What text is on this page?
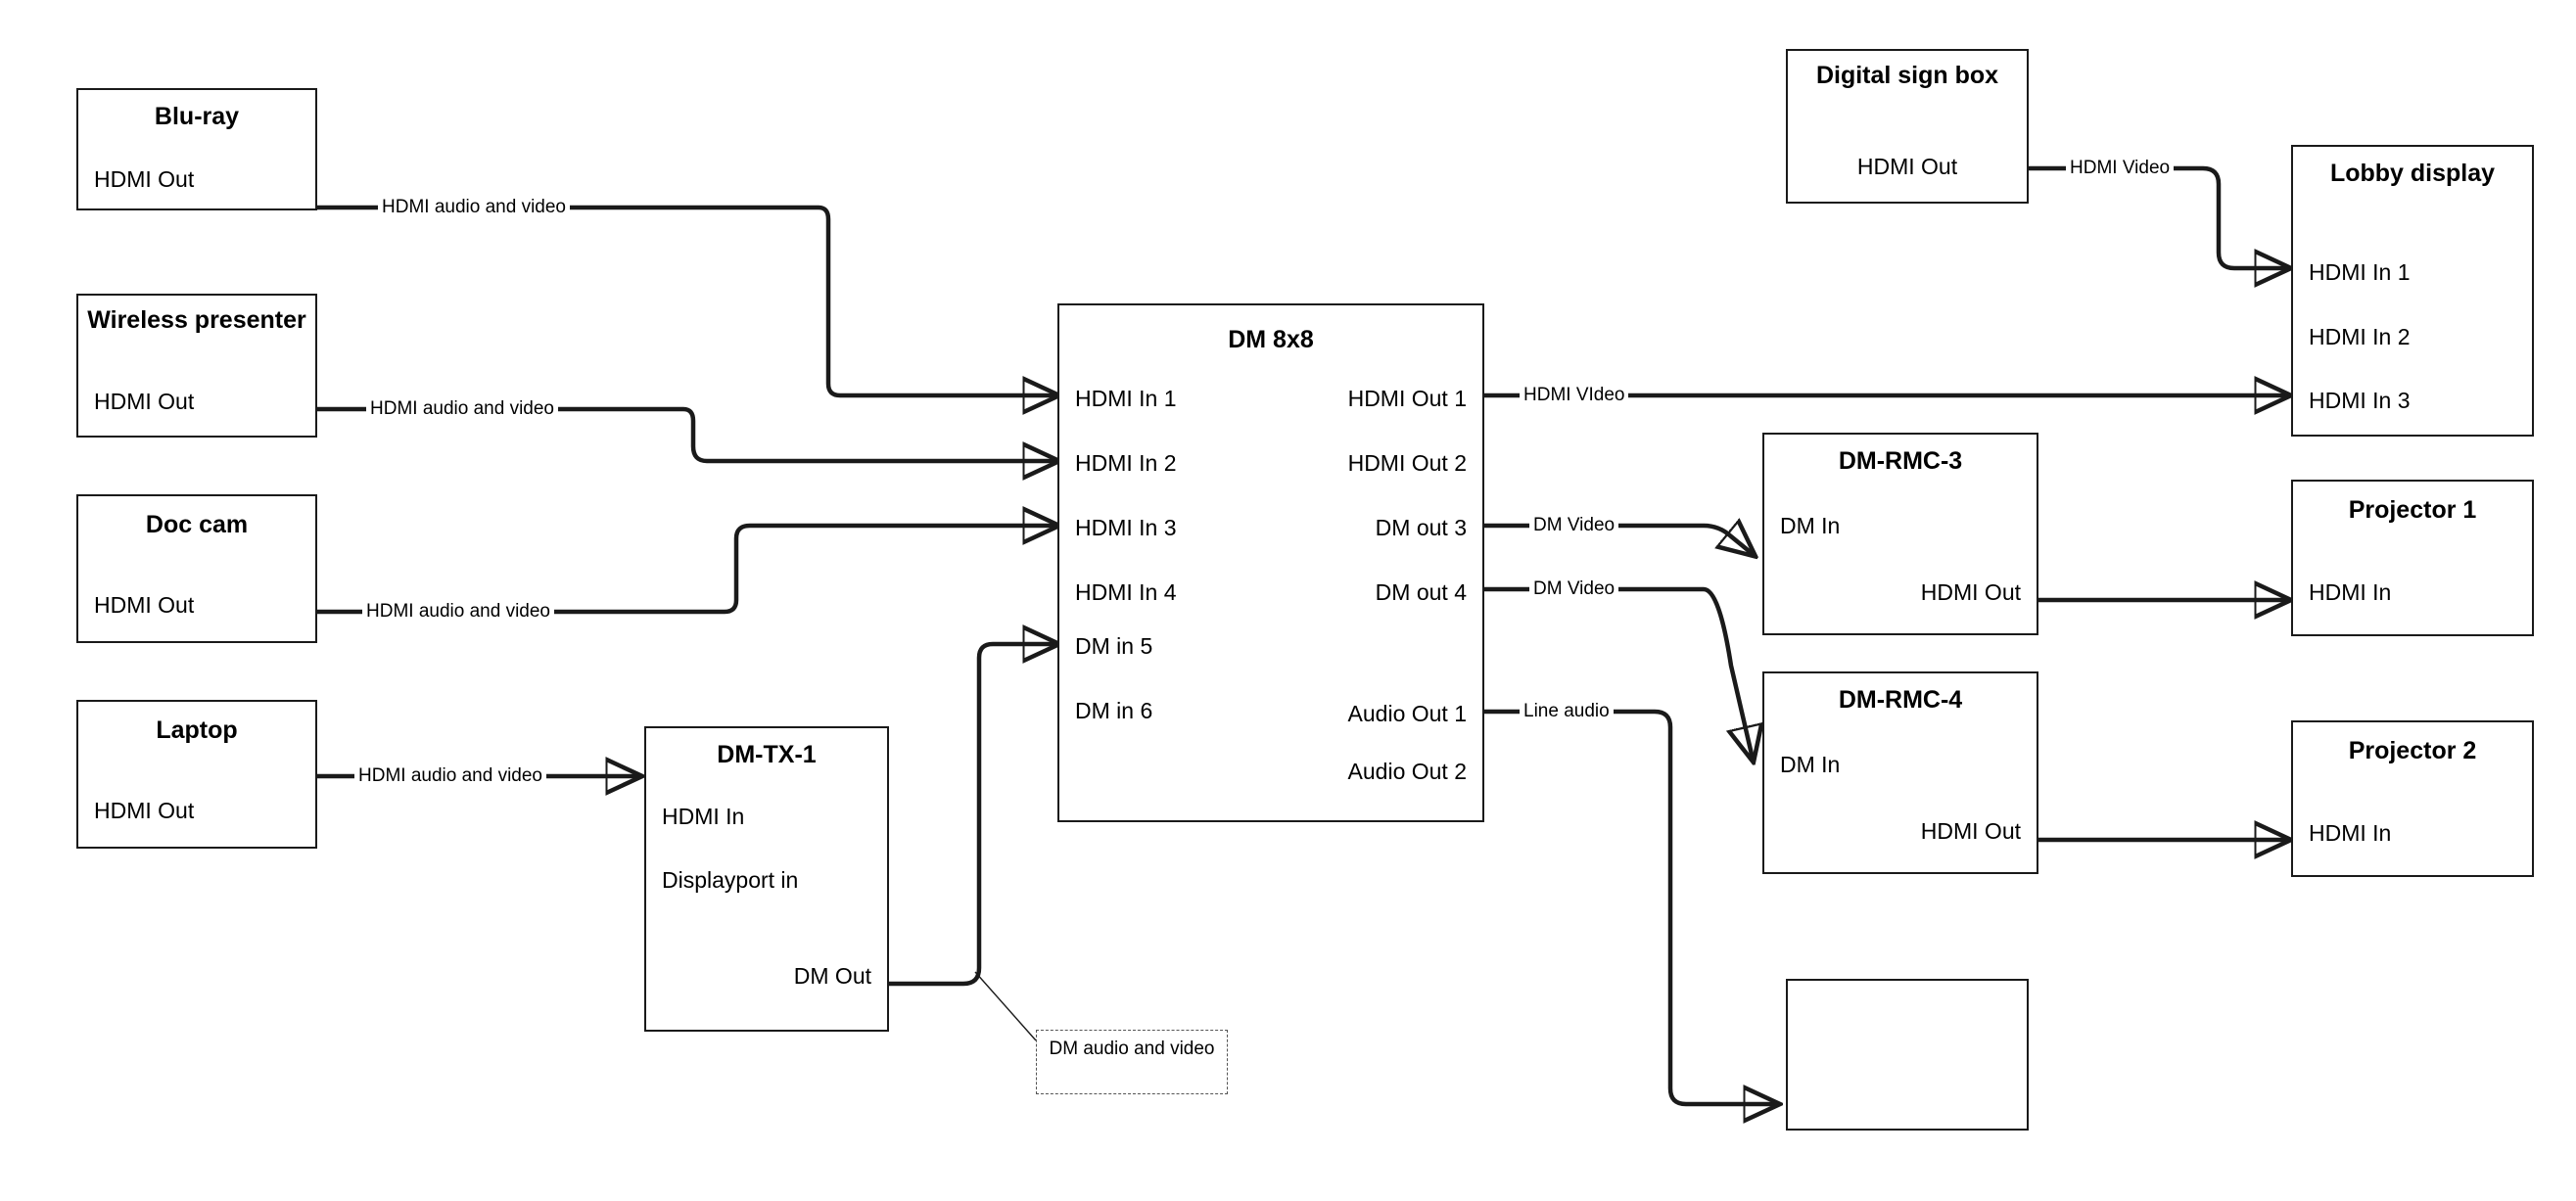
Blu-ray
HDMI Out
Wireless presenter
HDMI Out
Doc cam
HDMI Out
Laptop
HDMI Out
DM-TX-1
HDMI In
Displayport in
DM Out
DM 8x8
HDMI In 1
HDMI In 2
HDMI In 3
HDMI In 4
DM in 5
DM in 6
HDMI Out 1
HDMI Out 2
DM out 3
DM out 4
Audio Out 1
Audio Out 2
Digital sign box
HDMI Out	Lobby display
HDMI In 1
HDMI In 2
HDMI In 3
DM-RMC-3
DM In
HDMI Out
DM-RMC-4
DM In
HDMI Out
Projector 1
HDMI In
Projector 2
HDMI In
HDMI audio and video
HDMI audio and video
HDMI audio and video
HDMI audio and video
HDMI Video
HDMI VIdeo
DM Video
DM Video
Line audio
DM audio and video
